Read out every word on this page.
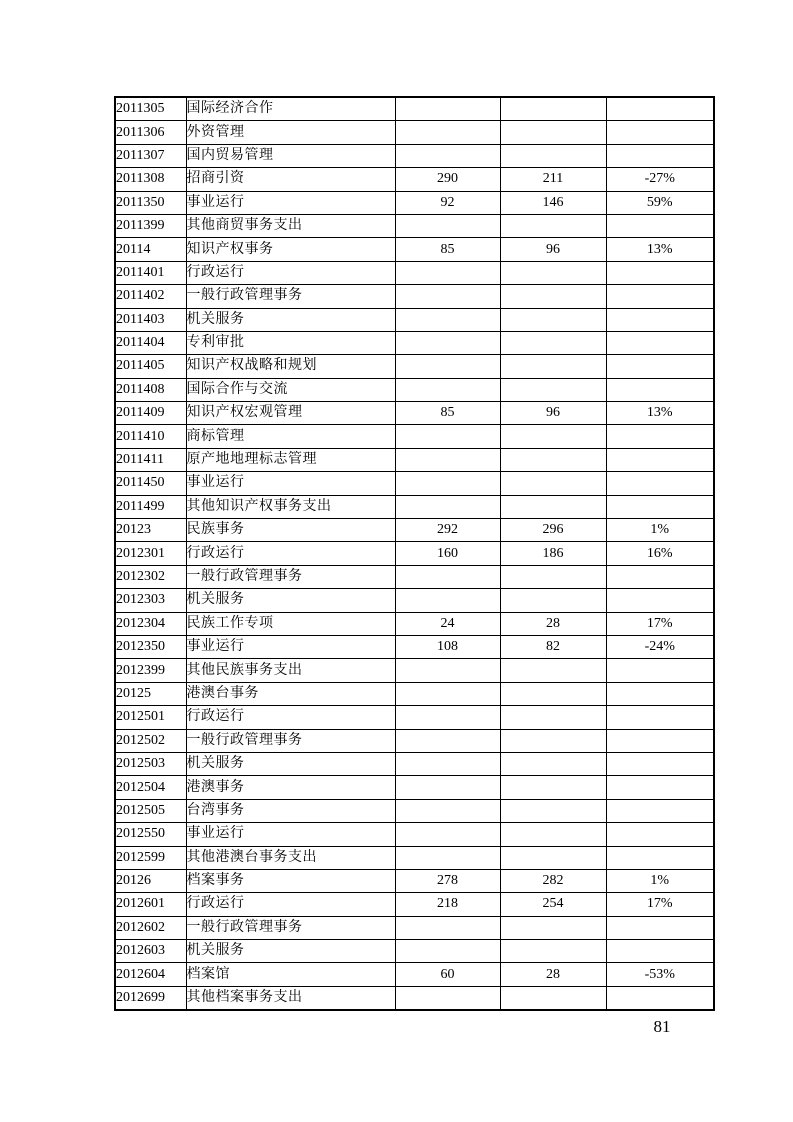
2011305	国际经济合作			
2011306	外资管理			
2011307	国内贸易管理			
2011308	招商引资	290	211	-27%
2011350	事业运行	92	146	59%
2011399	其他商贸事务支出			
20114	知识产权事务	85	96	13%
2011401	行政运行			
2011402	一般行政管理事务			
2011403	机关服务			
2011404	专利审批			
2011405	知识产权战略和规划			
2011408	国际合作与交流			
2011409	知识产权宏观管理	85	96	13%
2011410	商标管理			
2011411	原产地地理标志管理			
2011450	事业运行			
2011499	其他知识产权事务支出			
20123	民族事务	292	296	1%
2012301	行政运行	160	186	16%
2012302	一般行政管理事务			
2012303	机关服务			
2012304	民族工作专项	24	28	17%
2012350	事业运行	108	82	-24%
2012399	其他民族事务支出			
20125	港澳台事务			
2012501	行政运行			
2012502	一般行政管理事务			
2012503	机关服务			
2012504	港澳事务			
2012505	台湾事务			
2012550	事业运行			
2012599	其他港澳台事务支出			
20126	档案事务	278	282	1%
2012601	行政运行	218	254	17%
2012602	一般行政管理事务			
2012603	机关服务			
2012604	档案馆	60	28	-53%
2012699	其他档案事务支出			
81
